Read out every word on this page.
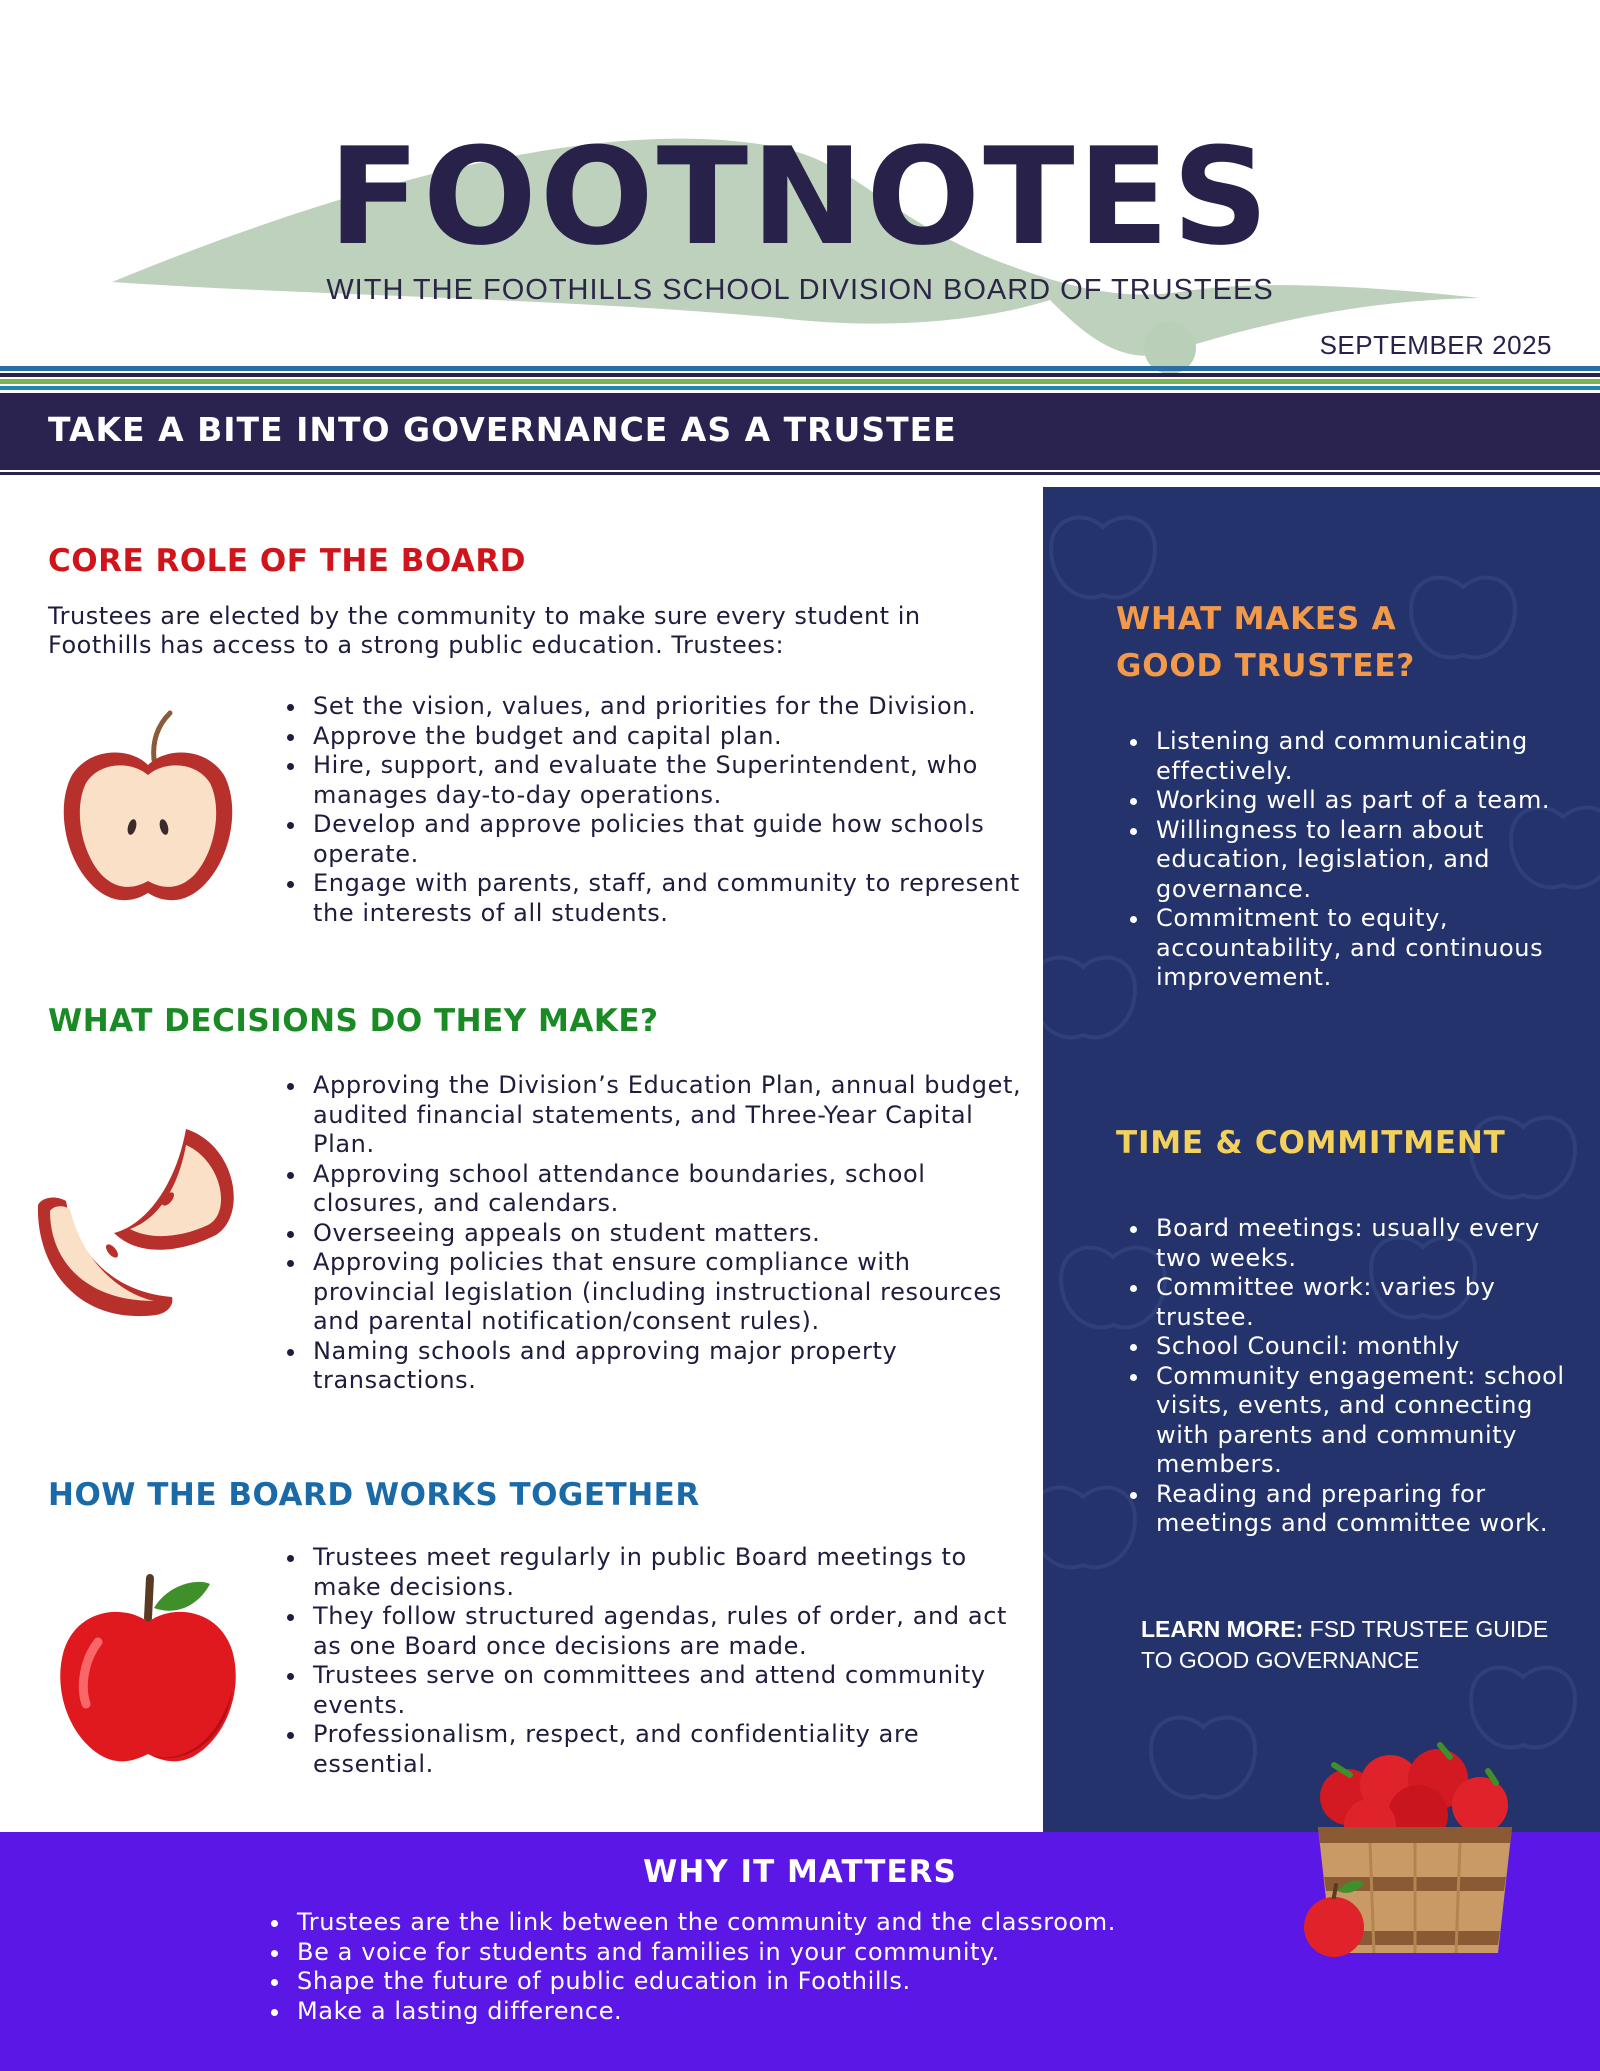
FOOTNOTES
WITH THE FOOTHILLS SCHOOL DIVISION BOARD OF TRUSTEES
SEPTEMBER 2025
TAKE A BITE INTO GOVERNANCE AS A TRUSTEE
CORE ROLE OF THE BOARD
Trustees are elected by the community to make sure every student in Foothills has access to a strong public education. Trustees:
Set the vision, values, and priorities for the Division.
Approve the budget and capital plan.
Hire, support, and evaluate the Superintendent, who manages day-to-day operations.
Develop and approve policies that guide how schools operate.
Engage with parents, staff, and community to represent the interests of all students.
WHAT DECISIONS DO THEY MAKE?
Approving the Division’s Education Plan, annual budget, audited financial statements, and Three-Year Capital Plan.
Approving school attendance boundaries, school closures, and calendars.
Overseeing appeals on student matters.
Approving policies that ensure compliance with provincial legislation (including instructional resources and parental notification/consent rules).
Naming schools and approving major property transactions.
HOW THE BOARD WORKS TOGETHER
Trustees meet regularly in public Board meetings to make decisions.
They follow structured agendas, rules of order, and act as one Board once decisions are made.
Trustees serve on committees and attend community events.
Professionalism, respect, and confidentiality are essential.
WHAT MAKES A
GOOD TRUSTEE?
Listening and communicating effectively.
Working well as part of a team.
Willingness to learn about education, legislation, and governance.
Commitment to equity, accountability, and continuous improvement.
TIME & COMMITMENT
Board meetings: usually every two weeks.
Committee work: varies by trustee.
School Council: monthly
Community engagement: school visits, events, and connecting with parents and community members.
Reading and preparing for meetings and committee work.
LEARN MORE: FSD TRUSTEE GUIDE TO GOOD GOVERNANCE
WHY IT MATTERS
Trustees are the link between the community and the classroom.
Be a voice for students and families in your community.
Shape the future of public education in Foothills.
Make a lasting difference.
